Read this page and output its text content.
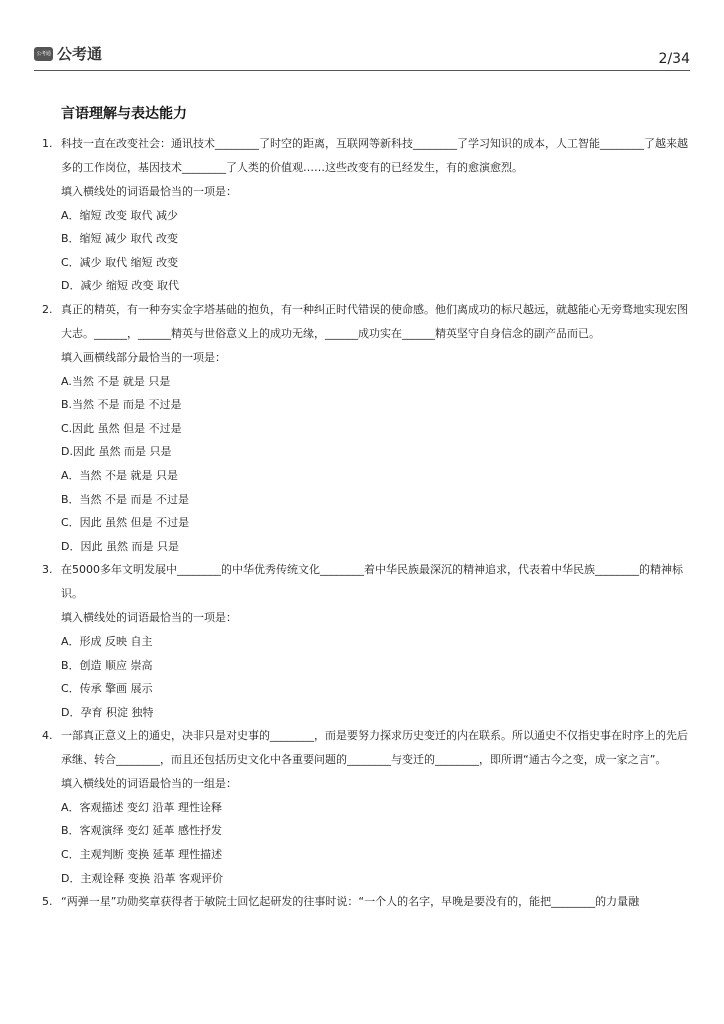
公考通 公考通	2/34
言语理解与表达能力
1. 科技一直在改变社会：通讯技术________了时空的距离，互联网等新科技________了学习知识的成本，人工智能________了越来越多的工作岗位，基因技术________了人类的价值观……这些改变有的已经发生，有的愈演愈烈。
填入横线处的词语最恰当的一项是：
A．缩短 改变 取代 减少
B．缩短 减少 取代 改变
C．减少 取代 缩短 改变
D．减少 缩短 改变 取代
2. 真正的精英，有一种夯实金字塔基础的抱负，有一种纠正时代错误的使命感。他们离成功的标尺越远，就越能心无旁骛地实现宏图大志。______，______精英与世俗意义上的成功无缘，______成功实在______精英坚守自身信念的副产品而已。
填入画横线部分最恰当的一项是：
A.当然 不是 就是 只是
B.当然 不是 而是 不过是
C.因此 虽然 但是 不过是
D.因此 虽然 而是 只是
A．当然 不是 就是 只是
B．当然 不是 而是 不过是
C．因此 虽然 但是 不过是
D．因此 虽然 而是 只是
3. 在5000多年文明发展中________的中华优秀传统文化________着中华民族最深沉的精神追求，代表着中华民族________的精神标识。
填入横线处的词语最恰当的一项是：
A．形成 反映 自主
B．创造 顺应 崇高
C．传承 擎画 展示
D．孕育 积淀 独特
4. 一部真正意义上的通史，决非只是对史事的________，而是要努力探求历史变迁的内在联系。所以通史不仅指史事在时序上的先后承继、转合________，而且还包括历史文化中各重要问题的________与变迁的________，即所谓“通古今之变，成一家之言”。
填入横线处的词语最恰当的一组是：
A．客观描述 变幻 沿革 理性诠释
B．客观演绎 变幻 延革 感性抒发
C．主观判断 变换 延革 理性描述
D．主观诠释 变换 沿革 客观评价
5. “两弹一星”功勋奖章获得者于敏院士回忆起研发的往事时说：“一个人的名字，早晚是要没有的，能把________的力量融
